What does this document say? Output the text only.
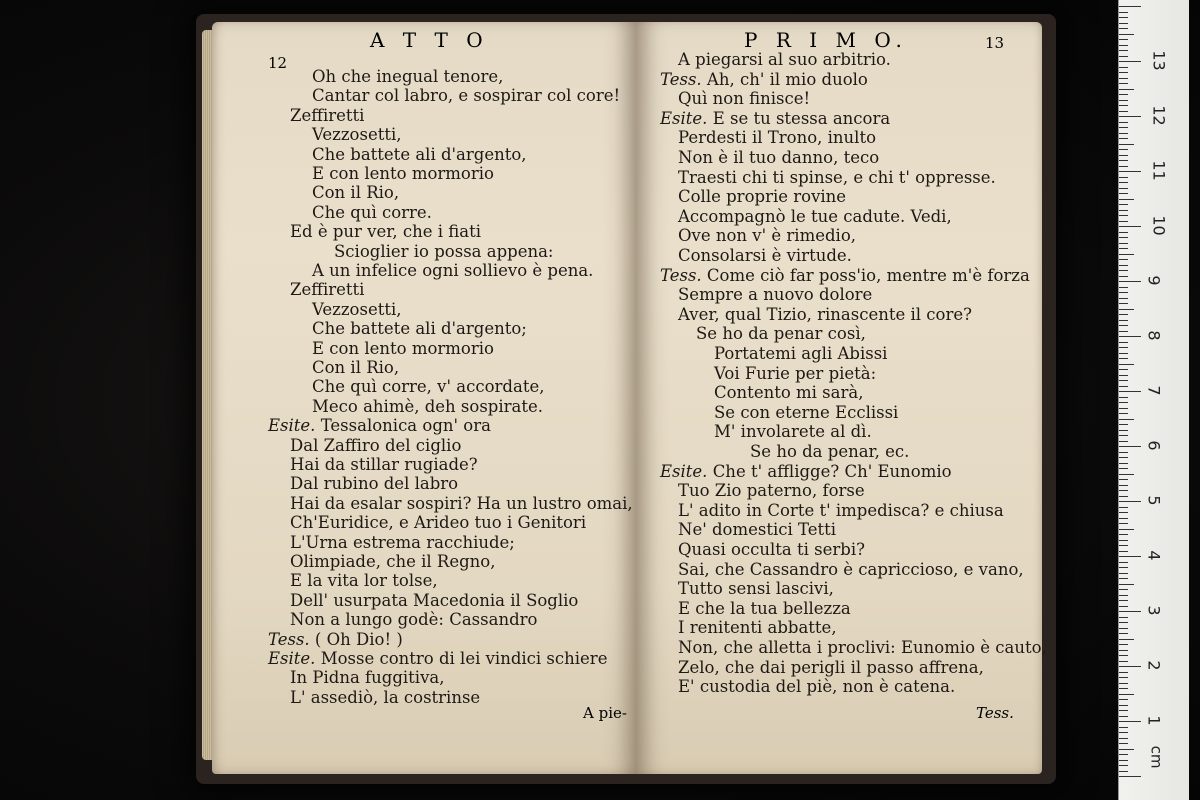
A T T O	P R I M O.
12
13
Oh che inegual tenore,
Cantar col labro, e sospirar col core!
Zeffiretti
Vezzosetti,
Che battete ali d'argento,
E con lento mormorio
Con il Rio,
Che quì corre.
Ed è pur ver, che i fiati
Scioglier io possa appena:
A un infelice ogni sollievo è pena.
Zeffiretti
Vezzosetti,
Che battete ali d'argento;
E con lento mormorio
Con il Rio,
Che quì corre, v' accordate,
Meco ahimè, deh sospirate.
Esite. Tessalonica ogn' ora
Dal Zaffiro del ciglio
Hai da stillar rugiade?
Dal rubino del labro
Hai da esalar sospiri? Ha un lustro omai,
Ch'Euridice, e Arideo tuo i Genitori
L'Urna estrema racchiude;
Olimpiade, che il Regno,
E la vita lor tolse,
Dell' usurpata Macedonia il Soglio
Non a lungo godè: Cassandro
Tess. ( Oh Dio! )
Esite. Mosse contro di lei vindici schiere
In Pidna fuggitiva,
L' assediò, la costrinse
A piegarsi al suo arbitrio.
Tess. Ah, ch' il mio duolo
Quì non finisce!
Esite. E se tu stessa ancora
Perdesti il Trono, inulto
Non è il tuo danno, teco
Traesti chi ti spinse, e chi t' oppresse.
Colle proprie rovine
Accompagnò le tue cadute. Vedi,
Ove non v' è rimedio,
Consolarsi è virtude.
Tess. Come ciò far poss'io, mentre m'è forza
Sempre a nuovo dolore
Aver, qual Tizio, rinascente il core?
Se ho da penar così,
Portatemi agli Abissi
Voi Furie per pietà:
Contento mi sarà,
Se con eterne Ecclissi
M' involarete al dì.
Se ho da penar, ec.
Esite. Che t' affligge? Ch' Eunomio
Tuo Zio paterno, forse
L' adito in Corte t' impedisca? e chiusa
Ne' domestici Tetti
Quasi occulta ti serbi?
Sai, che Cassandro è capriccioso, e vano,
Tutto sensi lascivi,
E che la tua bellezza
I renitenti abbatte,
Non, che alletta i proclivi: Eunomio è cauto,
Zelo, che dai perigli il passo affrena,
E' custodia del piè, non è catena.
A pie-	Tess.
cm
1
2
3
4
5
6
7
8
9
10
11
12
13
